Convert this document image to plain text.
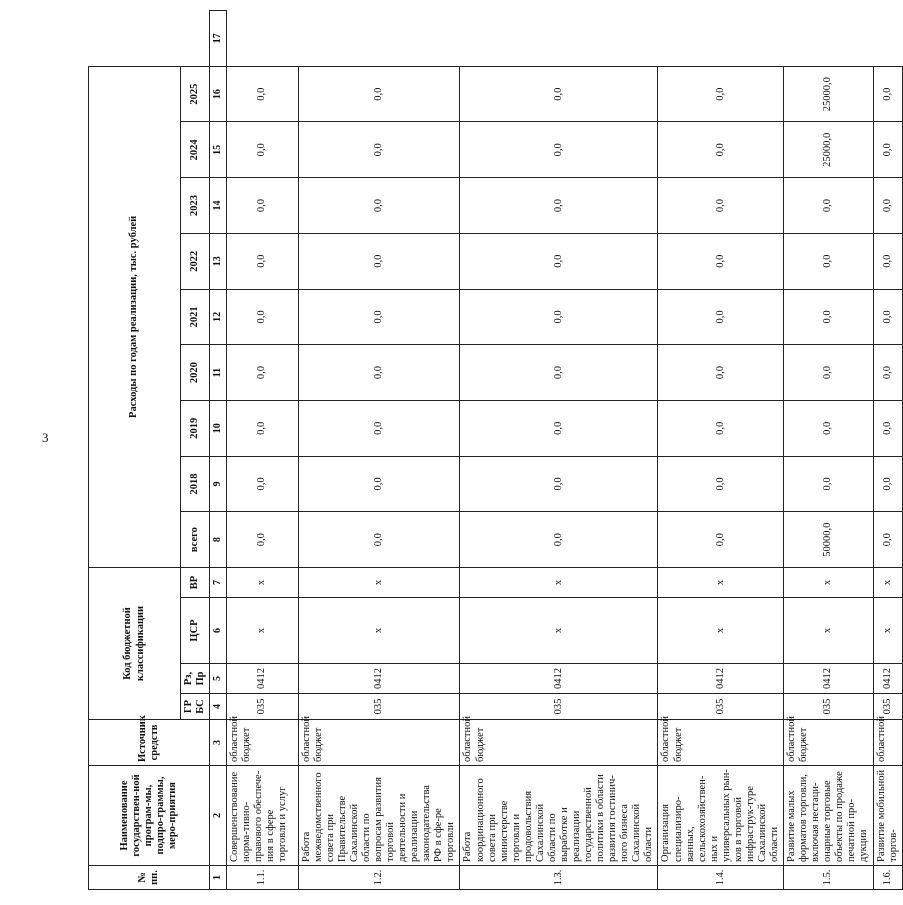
3
№ пп.	Наименование государствен-ной програм-мы, подпро-граммы, меро-приятия	Источник средств	Код бюджетной классификации				Расходы по годам реализации, тыс. рублей									
			ГР БС	Рз, Пр	ЦСР	ВР	всего	2018	2019	2020	2021	2022	2023	2024	2025	
1	2	3	4	5	6	7	8	9	10	11	12	13	14	15	16	17
1.1.	Совершенствование норма-тивно-правового обеспече-ния в сфере торговли и услуг	областной бюджет	035	0412	х	х	0,0	0,0	0,0	0,0	0,0	0,0	0,0	0,0	0,0	
1.2.	Работа межведомственного совета при Правительстве Сахалинской области по вопросам развития торговой деятельности и реализации законодательства РФ в сфе-ре торговли	областной бюджет	035	0412	х	х	0,0	0,0	0,0	0,0	0,0	0,0	0,0	0,0	0,0	
1.3.	Работа координационного совета при министерстве торговли и продовольствия Сахалинской области по выработке и реализации государственной политики в области развития гостинич-ного бизнеса Сахалинской области	областной бюджет	035	0412	х	х	0,0	0,0	0,0	0,0	0,0	0,0	0,0	0,0	0,0	
1.4.	Организация специализиро-ванных, сельскохозяйствен-ных и универсальных рын-ков в торговой инфраструк-туре Сахалинской области	областной бюджет	035	0412	х	х	0,0	0,0	0,0	0,0	0,0	0,0	0,0	0,0	0,0	
1.5.	Развитие малых форматов торговли, включая нестаци-онарные торговые объекты по продаже печатной про-дукции	областной бюджет	035	0412	х	х	50000,0	0,0	0,0	0,0	0,0	0,0	0,0	25000,0	25000,0	
1.6.	Развитие мобильной торгов-	областной	035	0412	х	х	0,0	0,0	0,0	0,0	0,0	0,0	0,0	0,0	0,0	
